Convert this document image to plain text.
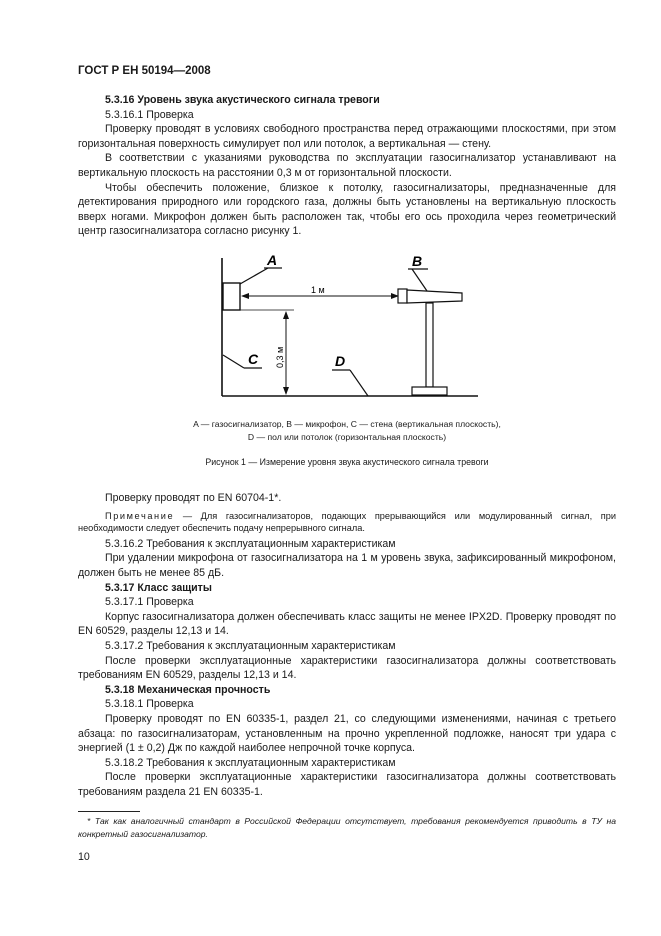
ГОСТ Р ЕН 50194—2008

5.3.16 Уровень звука акустического сигнала тревоги

5.3.16.1 Проверка

Проверку проводят в условиях свободного пространства перед отражающими плоскостями, при этом горизонтальная поверхность симулирует пол или потолок, а вертикальная — стену.

В соответствии с указаниями руководства по эксплуатации газосигнализатор устанавливают на вертикальную плоскость на расстоянии 0,3 м от горизонтальной плоскости.

Чтобы обеспечить положение, близкое к потолку, газосигнализаторы, предназначенные для детектирования природного или городского газа, должны быть установлены на вертикальную плоскость вверх ногами. Микрофон должен быть расположен так, чтобы его ось проходила через геометрический центр газосигнализатора согласно рисунку 1.

A	B
C	D
1 м
0,3 м
A — газосигнализатор, B — микрофон, C — стена (вертикальная плоскость),
D — пол или потолок (горизонтальная плоскость)
Рисунок 1 — Измерение уровня звука акустического сигнала тревоги

Проверку проводят по EN 60704-1*.

Примечание — Для газосигнализаторов, подающих прерывающийся или модулированный сигнал, при необходимости следует обеспечить подачу непрерывного сигнала.

5.3.16.2 Требования к эксплуатационным характеристикам

При удалении микрофона от газосигнализатора на 1 м уровень звука, зафиксированный микрофоном, должен быть не менее 85 дБ.

5.3.17 Класс защиты

5.3.17.1 Проверка

Корпус газосигнализатора должен обеспечивать класс защиты не менее IPX2D. Проверку проводят по EN 60529, разделы 12,13 и 14.

5.3.17.2 Требования к эксплуатационным характеристикам

После проверки эксплуатационные характеристики газосигнализатора должны соответствовать требованиям EN 60529, разделы 12,13 и 14.

5.3.18 Механическая прочность

5.3.18.1 Проверка

Проверку проводят по EN 60335-1, раздел 21, со следующими изменениями, начиная с третьего абзаца: по газосигнализаторам, установленным на прочно укрепленной подложке, наносят три удара с энергией (1 ± 0,2) Дж по каждой наиболее непрочной точке корпуса.

5.3.18.2 Требования к эксплуатационным характеристикам

После проверки эксплуатационные характеристики газосигнализатора должны соответствовать требованиям раздела 21 EN 60335-1.

* Так как аналогичный стандарт в Российской Федерации отсутствует, требования рекомендуется приводить в ТУ на конкретный газосигнализатор.
10
